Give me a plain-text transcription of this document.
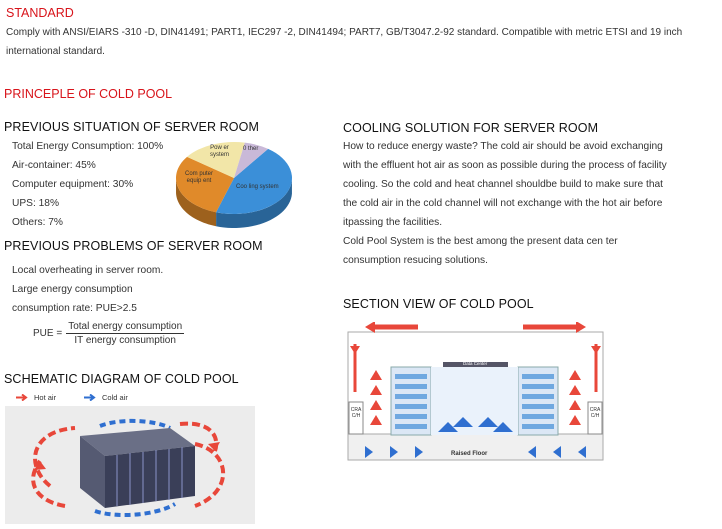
STANDARD
Comply with ANSI/EIARS -310 -D, DIN41491; PART1, IEC297 -2, DIN41494; PART7, GB/T3047.2-92 standard. Compatible with metric ETSI and 19 inch
international standard.
PRINCEPLE OF COLD POOL
PREVIOUS SITUATION OF SERVER ROOM
Total Energy Consumption: 100%
Air-container: 45%
Computer equipment: 30%
UPS: 18%
Others: 7%
Pow er
system
0 ther
Com puter
equip ent
Coo ling system
PREVIOUS PROBLEMS OF SERVER ROOM
Local overheating in server room.
Large energy consumption
consumption rate: PUE>2.5
PUE = $\frac{\text{Total energy consumption}}{\text{IT energy consumption}}$
SCHEMATIC DIAGRAM OF COLD POOL
Hot air	Cold air
COOLING SOLUTION FOR SERVER ROOM
How to reduce energy waste? The cold air should be avoid exchanging
with the effluent hot air as soon as possible during the process of facility
cooling. So the cold and heat channel shouldbe build to make sure that
the cold air in the cold channel will not exchange with the hot air before
itpassing the facilities.
Cold Pool System is the best among the present data cen ter
consumption resucing solutions.
SECTION VIEW OF COLD POOL
Raised Floor
Data Center
CRAC/H
CRAC/H
